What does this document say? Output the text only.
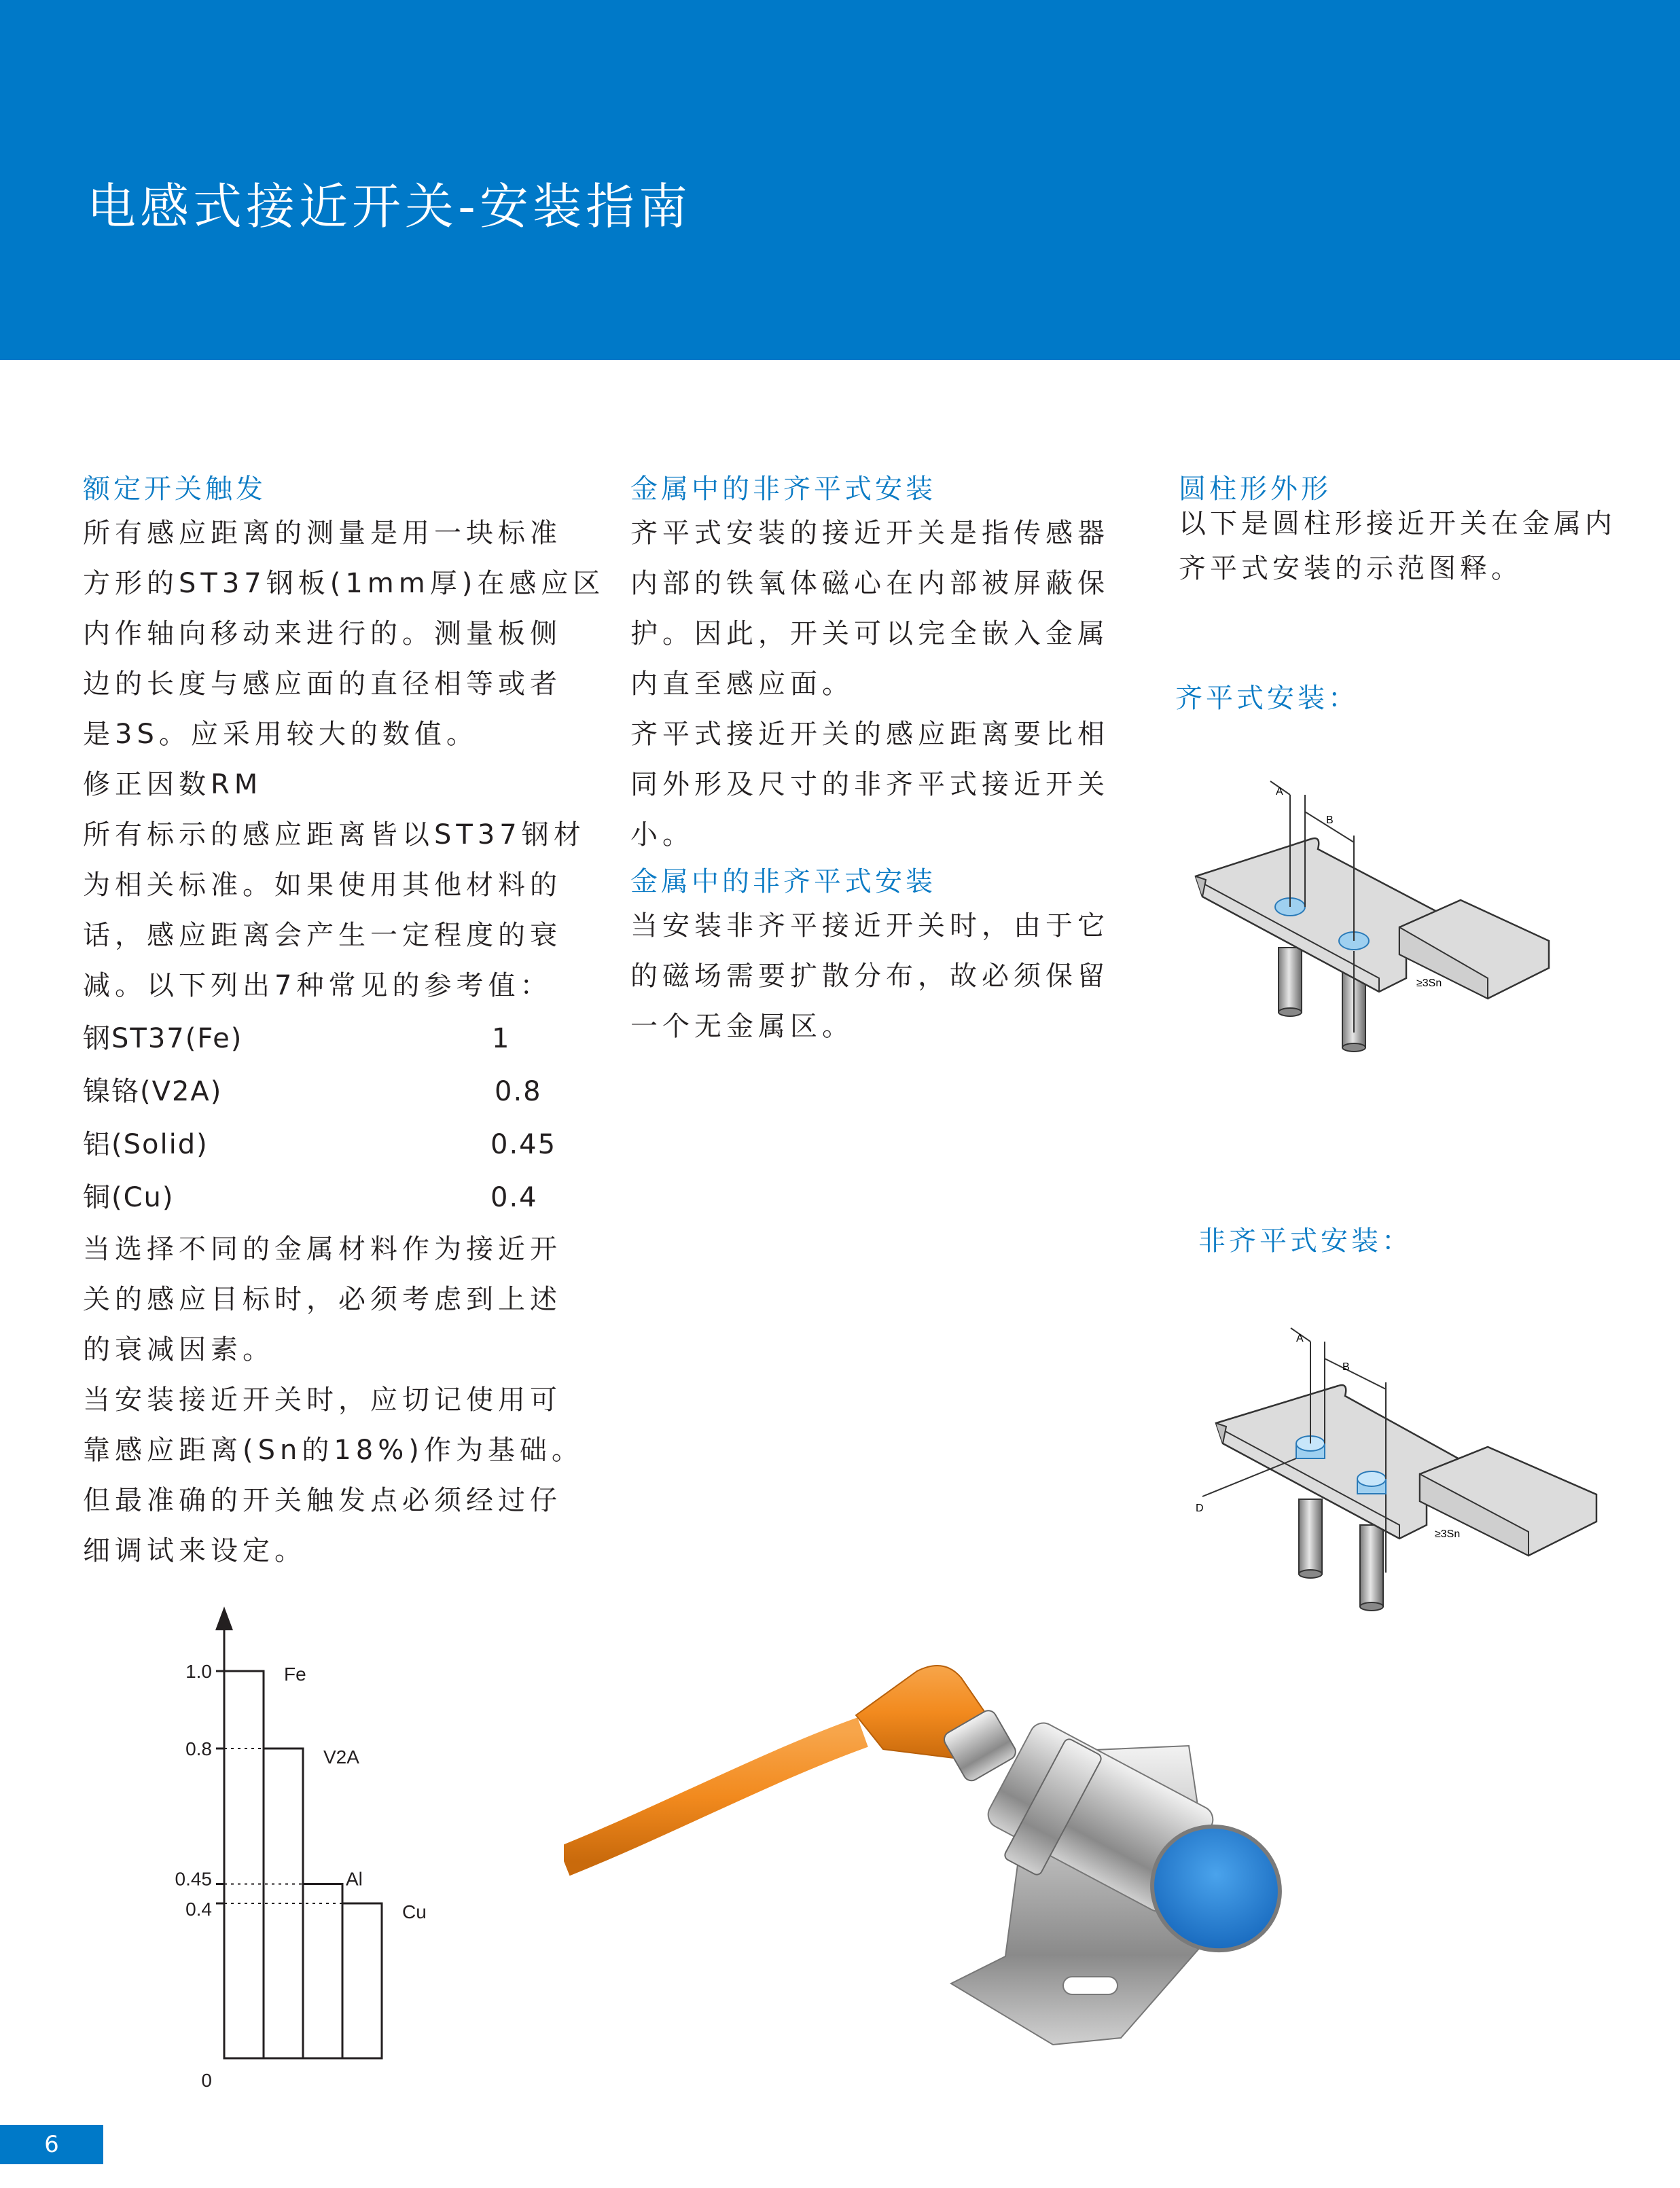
电感式接近开关-安装指南
额定开关触发
所有感应距离的测量是用一块标准
方形的ST37钢板(1mm厚)在感应区
内作轴向移动来进行的。测量板侧
边的长度与感应面的直径相等或者
是3S。应采用较大的数值。
修正因数RM
所有标示的感应距离皆以ST37钢材
为相关标准。如果使用其他材料的
话，感应距离会产生一定程度的衰
减。以下列出7种常见的参考值：
钢ST37(Fe)	1
镍铬(V2A)	0.8
铝(Solid)	0.45
铜(Cu)	0.4
当选择不同的金属材料作为接近开
关的感应目标时，必须考虑到上述
的衰减因素。
当安装接近开关时，应切记使用可
靠感应距离(Sn的18%)作为基础。
但最准确的开关触发点必须经过仔
细调试来设定。
金属中的非齐平式安装
齐平式安装的接近开关是指传感器
内部的铁氧体磁心在内部被屏蔽保
护。因此，开关可以完全嵌入金属
内直至感应面。
齐平式接近开关的感应距离要比相
同外形及尺寸的非齐平式接近开关
小。
金属中的非齐平式安装
当安装非齐平接近开关时，由于它
的磁场需要扩散分布，故必须保留
一个无金属区。
圆柱形外形
以下是圆柱形接近开关在金属内
齐平式安装的示范图释。
齐平式安装：
非齐平式安装：
A
B
≥3Sn
A
B
D
≥3Sn
Fe
V2A
Al
Cu
1.0
0.8
0.45
0.4
0
6
